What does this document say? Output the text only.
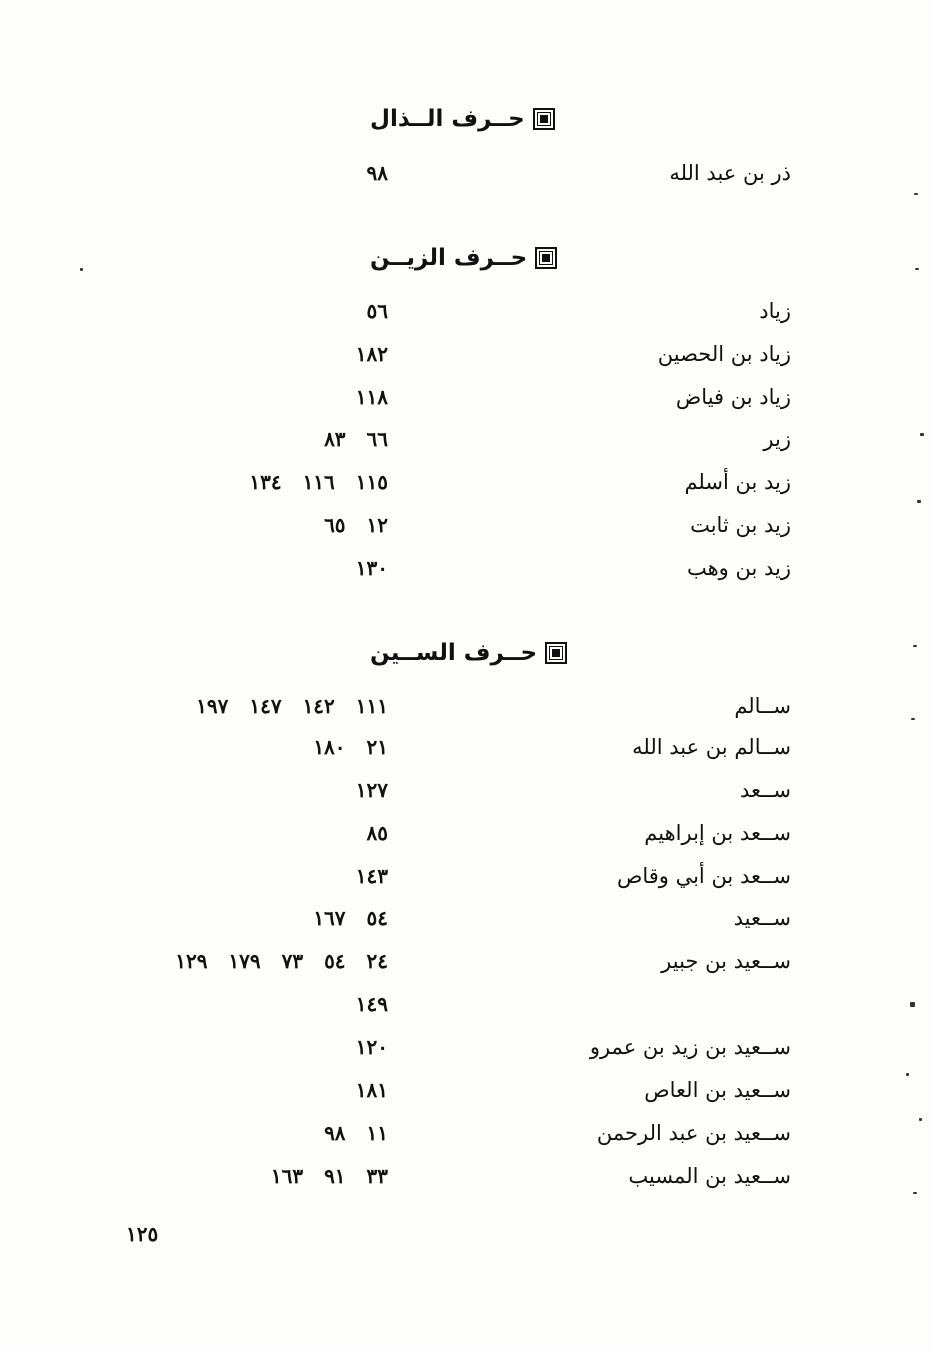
حــرف الــذال
ذر بن عبد الله
٩٨
حــرف الزيــن
زياد
٥٦
زياد بن الحصين
١٨٢
زياد بن فياض
١١٨
زير
٦٦ ٨٣
زيد بن أسلم
١١٥ ١١٦ ١٣٤
زيد بن ثابت
١٢ ٦٥
زيد بن وهب
١٣٠
حــرف الســين
ســالم
١١١ ١٤٢ ١٤٧ ١٩٧
ســالم بن عبد الله
٢١ ١٨٠
ســعد
١٢٧
ســعد بن إبراهيم
٨٥
ســعد بن أبي وقاص
١٤٣
ســعيد
٥٤ ١٦٧
ســعيد بن جبير
٢٤ ٥٤ ٧٣ ١٧٩ ١٢٩
١٤٩
ســعيد بن زيد بن عمرو
١٢٠
ســعيد بن العاص
١٨١
ســعيد بن عبد الرحمن
١١ ٩٨
ســعيد بن المسيب
٣٣ ٩١ ١٦٣
١٢٥
